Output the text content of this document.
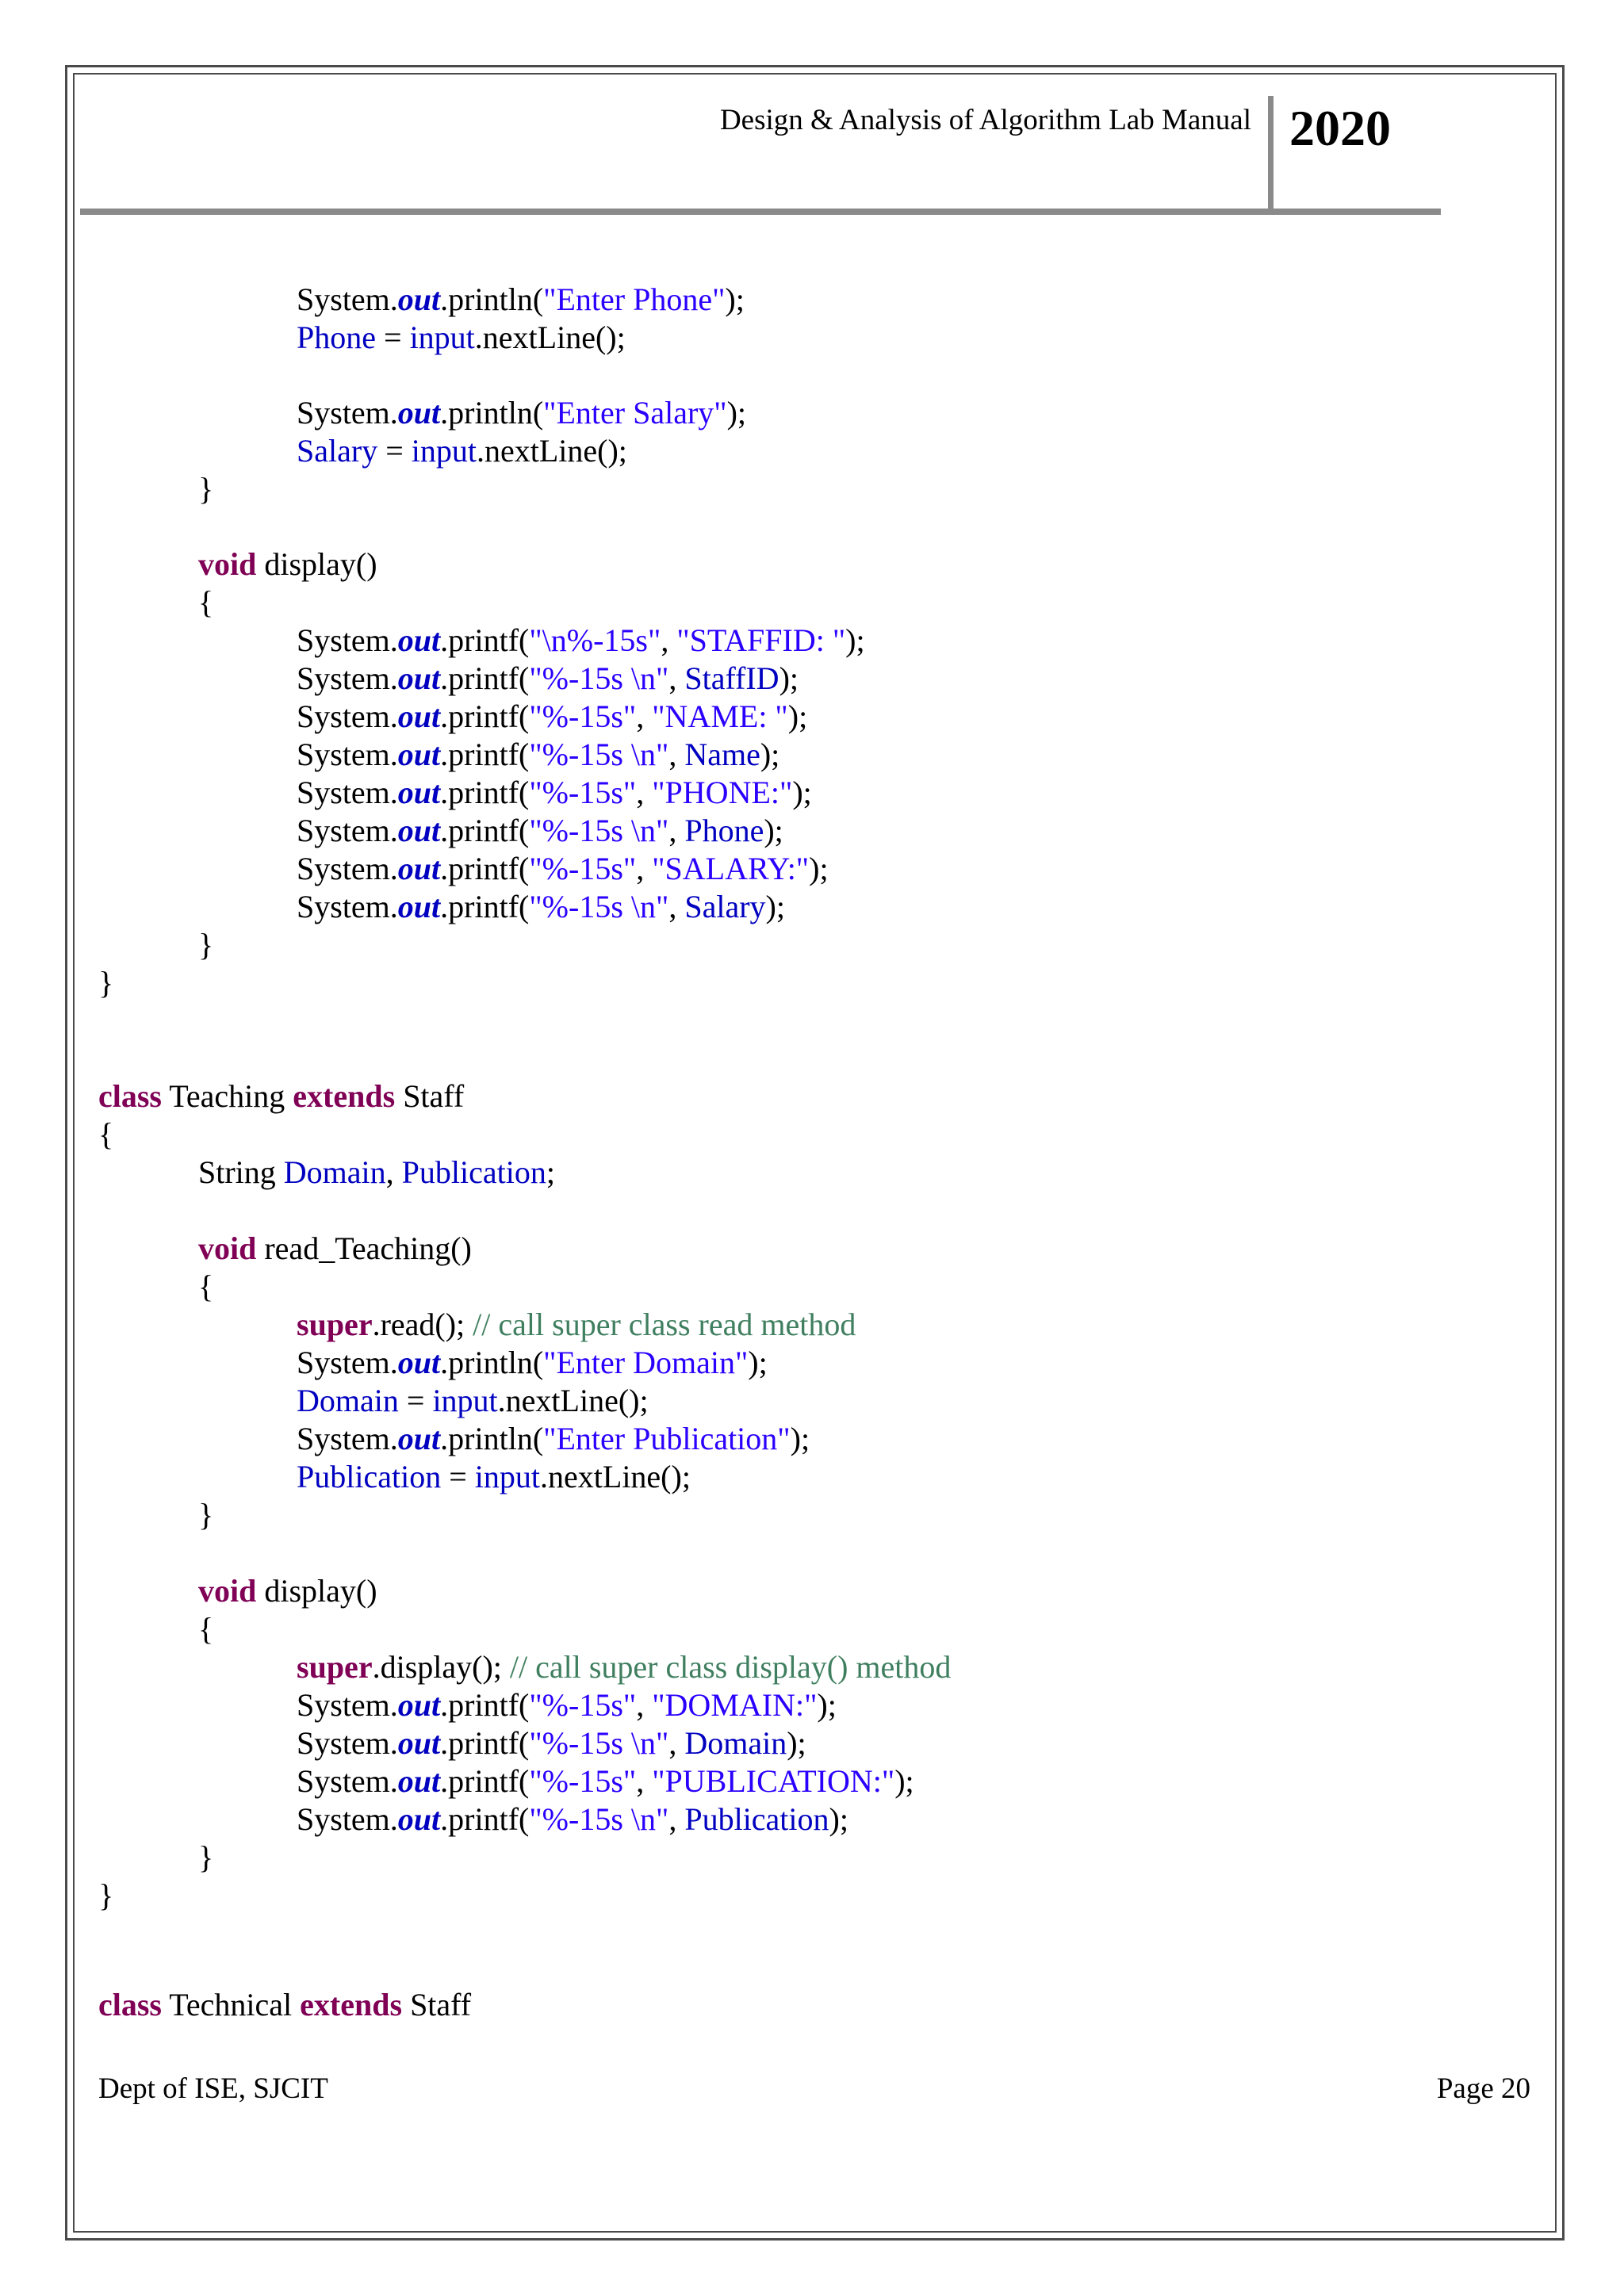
Design & Analysis of Algorithm Lab Manual 2020

System.out.println("Enter Phone");

Phone = input.nextLine();

System.out.println("Enter Salary");

Salary = input.nextLine();

}

void display()

{

System.out.printf("\n%-15s", "STAFFID: ");

System.out.printf("%-15s \n", StaffID);

System.out.printf("%-15s", "NAME: ");

System.out.printf("%-15s \n", Name);

System.out.printf("%-15s", "PHONE:");

System.out.printf("%-15s \n", Phone);

System.out.printf("%-15s", "SALARY:");

System.out.printf("%-15s \n", Salary);

}

}

class Teaching extends Staff

{

String Domain, Publication;

void read_Teaching()

{

super.read(); // call super class read method

System.out.println("Enter Domain");

Domain = input.nextLine();

System.out.println("Enter Publication");

Publication = input.nextLine();

}

void display()

{

super.display(); // call super class display() method

System.out.printf("%-15s", "DOMAIN:");

System.out.printf("%-15s \n", Domain);

System.out.printf("%-15s", "PUBLICATION:");

System.out.printf("%-15s \n", Publication);

}

}

class Technical extends Staff

Dept of ISE, SJCIT	Page 20
